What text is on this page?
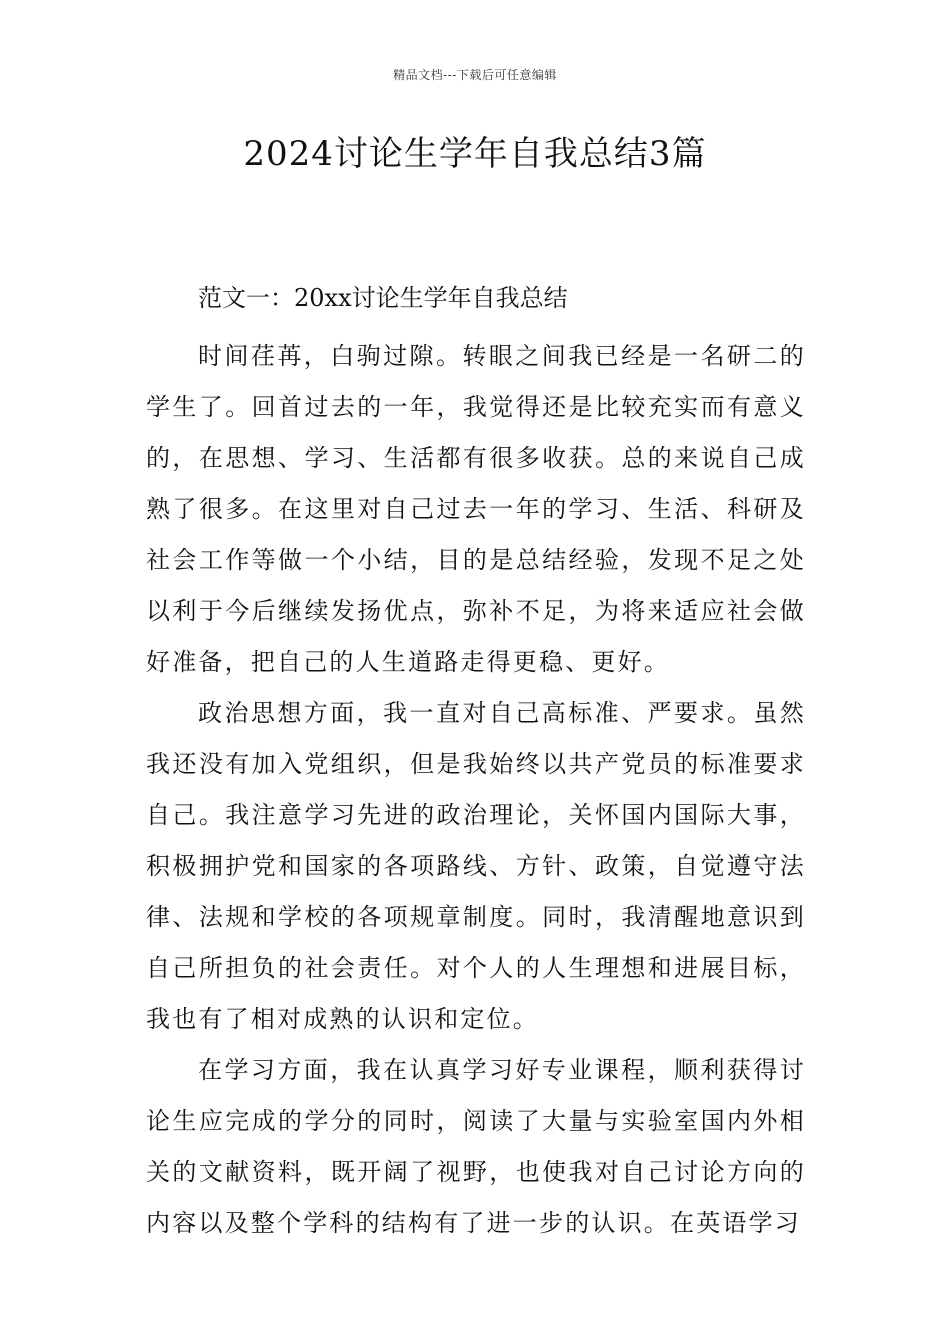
精品文档---下载后可任意编辑
2024讨论生学年自我总结3篇

范文一：20xx讨论生学年自我总结

时间荏苒，白驹过隙。转眼之间我已经是一名研二的学生了。回首过去的一年，我觉得还是比较充实而有意义的，在思想、学习、生活都有很多收获。总的来说自己成熟了很多。在这里对自己过去一年的学习、生活、科研及社会工作等做一个小结，目的是总结经验，发现不足之处以利于今后继续发扬优点，弥补不足，为将来适应社会做好准备，把自己的人生道路走得更稳、更好。

政治思想方面，我一直对自己高标准、严要求。虽然我还没有加入党组织，但是我始终以共产党员的标准要求自己。我注意学习先进的政治理论，关怀国内国际大事，积极拥护党和国家的各项路线、方针、政策，自觉遵守法律、法规和学校的各项规章制度。同时，我清醒地意识到自己所担负的社会责任。对个人的人生理想和进展目标，我也有了相对成熟的认识和定位。

在学习方面，我在认真学习好专业课程，顺利获得讨论生应完成的学分的同时，阅读了大量与实验室国内外相关的文献资料，既开阔了视野，也使我对自己讨论方向的内容以及整个学科的结构有了进一步的认识。在英语学习
